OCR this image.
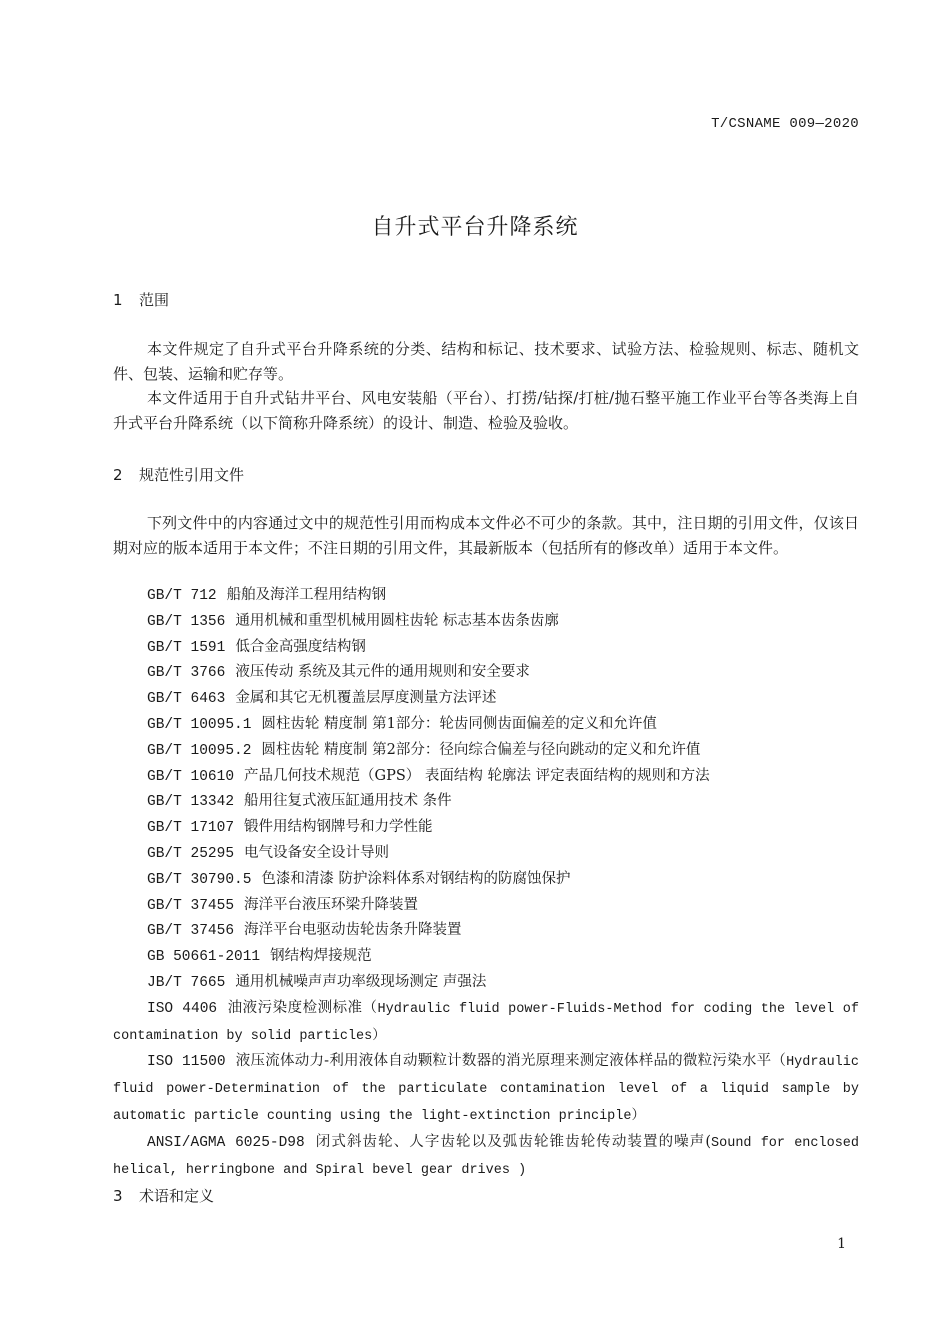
T/CSNAME 009—2020
自升式平台升降系统
1 范围

本文件规定了自升式平台升降系统的分类、结构和标记、技术要求、试验方法、检验规则、标志、随机文件、包装、运输和贮存等。

本文件适用于自升式钻井平台、风电安装船（平台）、打捞/钻探/打桩/抛石整平施工作业平台等各类海上自升式平台升降系统（以下简称升降系统）的设计、制造、检验及验收。

2 规范性引用文件

下列文件中的内容通过文中的规范性引用而构成本文件必不可少的条款。其中，注日期的引用文件，仅该日期对应的版本适用于本文件；不注日期的引用文件，其最新版本（包括所有的修改单）适用于本文件。

GB/T 712 船舶及海洋工程用结构钢
GB/T 1356 通用机械和重型机械用圆柱齿轮 标志基本齿条齿廓
GB/T 1591 低合金高强度结构钢
GB/T 3766 液压传动 系统及其元件的通用规则和安全要求
GB/T 6463 金属和其它无机覆盖层厚度测量方法评述
GB/T 10095.1 圆柱齿轮 精度制 第1部分：轮齿同侧齿面偏差的定义和允许值
GB/T 10095.2 圆柱齿轮 精度制 第2部分：径向综合偏差与径向跳动的定义和允许值
GB/T 10610 产品几何技术规范（GPS） 表面结构 轮廓法 评定表面结构的规则和方法
GB/T 13342 船用往复式液压缸通用技术 条件
GB/T 17107 锻件用结构钢牌号和力学性能
GB/T 25295 电气设备安全设计导则
GB/T 30790.5 色漆和清漆 防护涂料体系对钢结构的防腐蚀保护
GB/T 37455 海洋平台液压环梁升降装置
GB/T 37456 海洋平台电驱动齿轮齿条升降装置
GB 50661-2011 钢结构焊接规范
JB/T 7665 通用机械噪声声功率级现场测定 声强法
ISO 4406 油液污染度检测标准（Hydraulic fluid power-Fluids-Method for coding the level of contamination by solid particles）
ISO 11500 液压流体动力-利用液体自动颗粒计数器的消光原理来测定液体样品的微粒污染水平（Hydraulic fluid power-Determination of the particulate contamination level of a liquid sample by automatic particle counting using the light-extinction principle）
ANSI/AGMA 6025-D98 闭式斜齿轮、人字齿轮以及弧齿轮锥齿轮传动装置的噪声(Sound for enclosed helical, herringbone and Spiral bevel gear drives )
3 术语和定义
1
